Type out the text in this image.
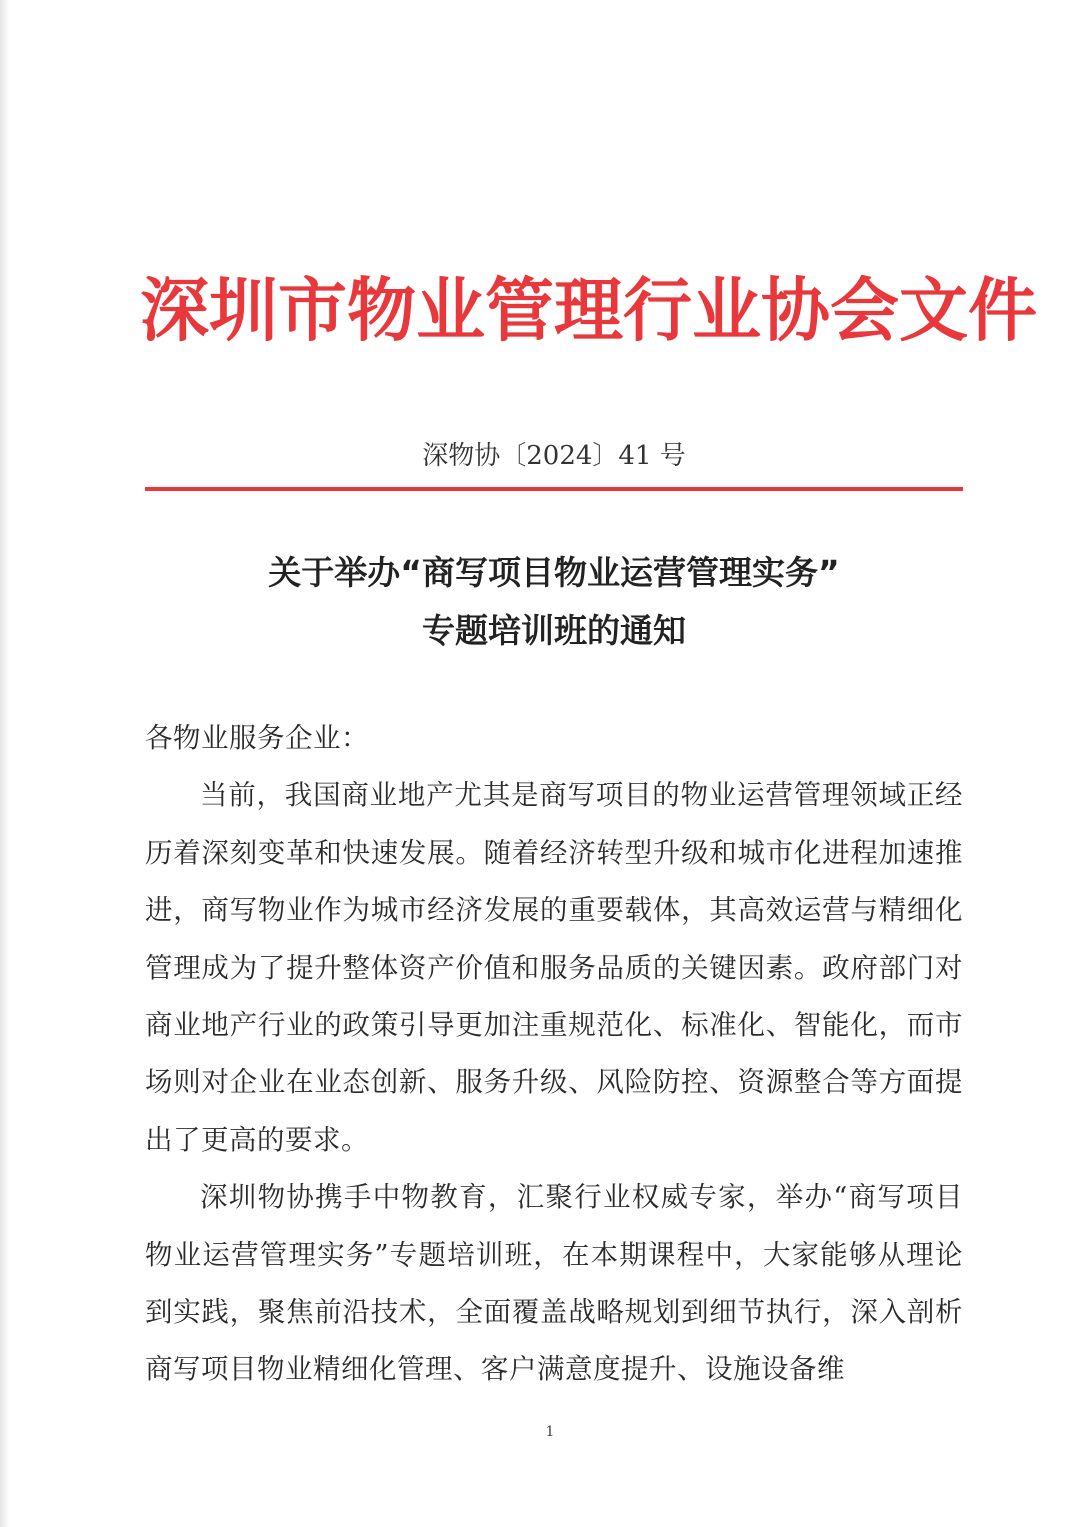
深圳市物业管理行业协会文件
深物协〔2024〕41 号
关于举办“商写项目物业运营管理实务”
专题培训班的通知

各物业服务企业：

当前，我国商业地产尤其是商写项目的物业运营管理领域正经历着深刻变革和快速发展。随着经济转型升级和城市化进程加速推进，商写物业作为城市经济发展的重要载体，其高效运营与精细化管理成为了提升整体资产价值和服务品质的关键因素。政府部门对商业地产行业的政策引导更加注重规范化、标准化、智能化，而市场则对企业在业态创新、服务升级、风险防控、资源整合等方面提出了更高的要求。

深圳物协携手中物教育，汇聚行业权威专家，举办“商写项目物业运营管理实务”专题培训班，在本期课程中，大家能够从理论到实践，聚焦前沿技术，全面覆盖战略规划到细节执行，深入剖析商写项目物业精细化管理、客户满意度提升、设施设备维

1
